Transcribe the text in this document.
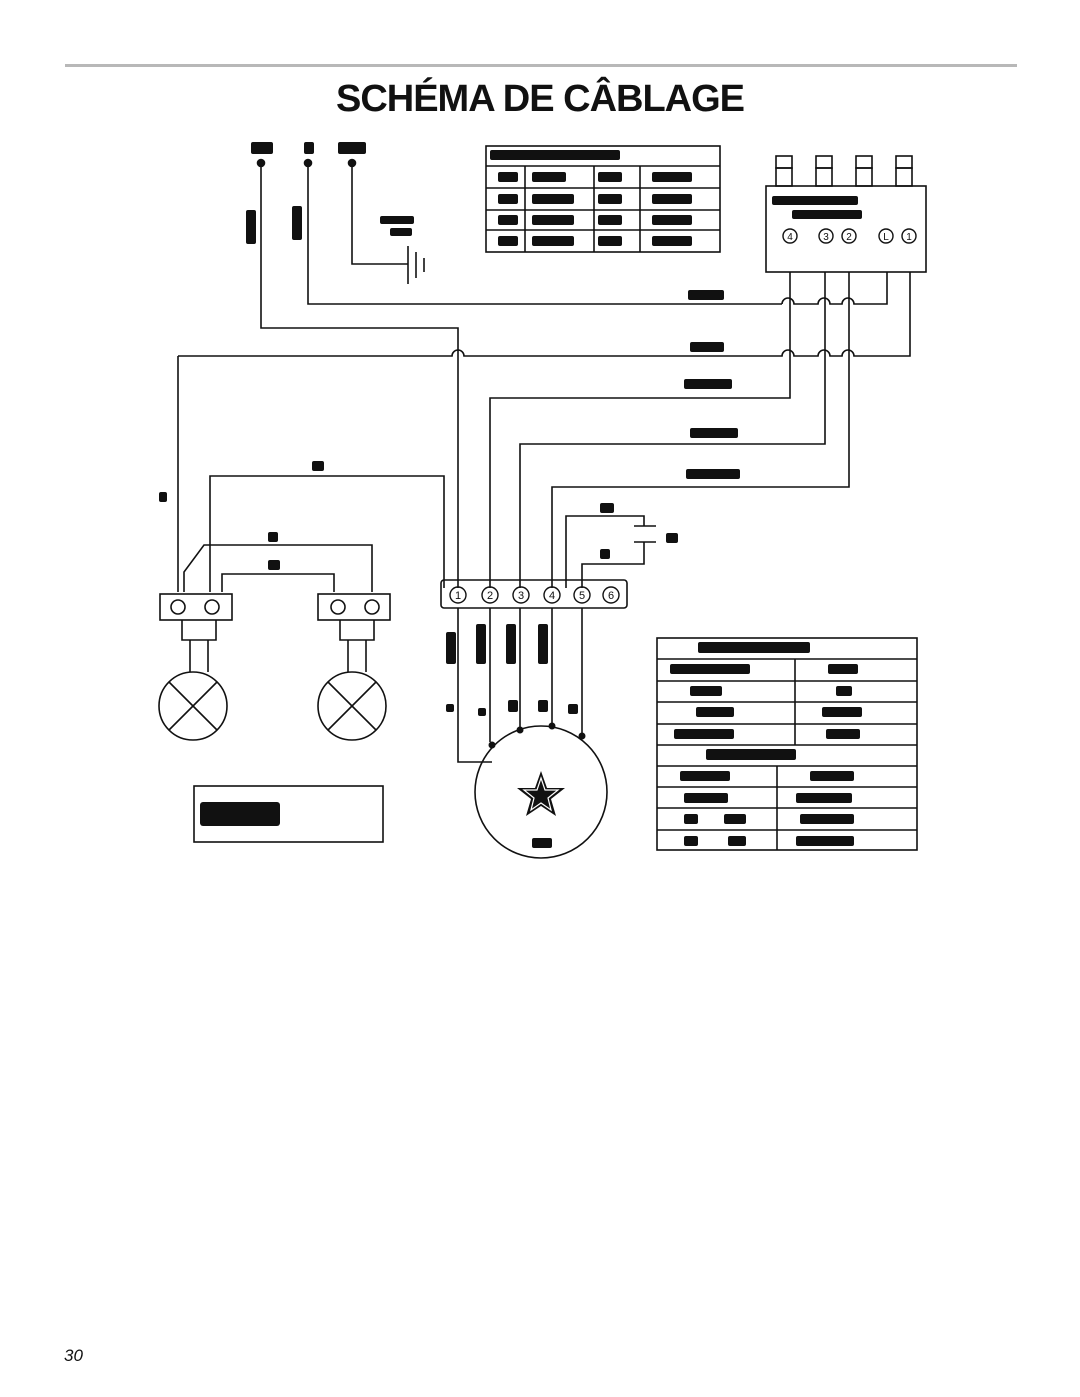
SCHÉMA DE CÂBLAGE
4	3 2	L 1
1 2 3 4 5 6
30
